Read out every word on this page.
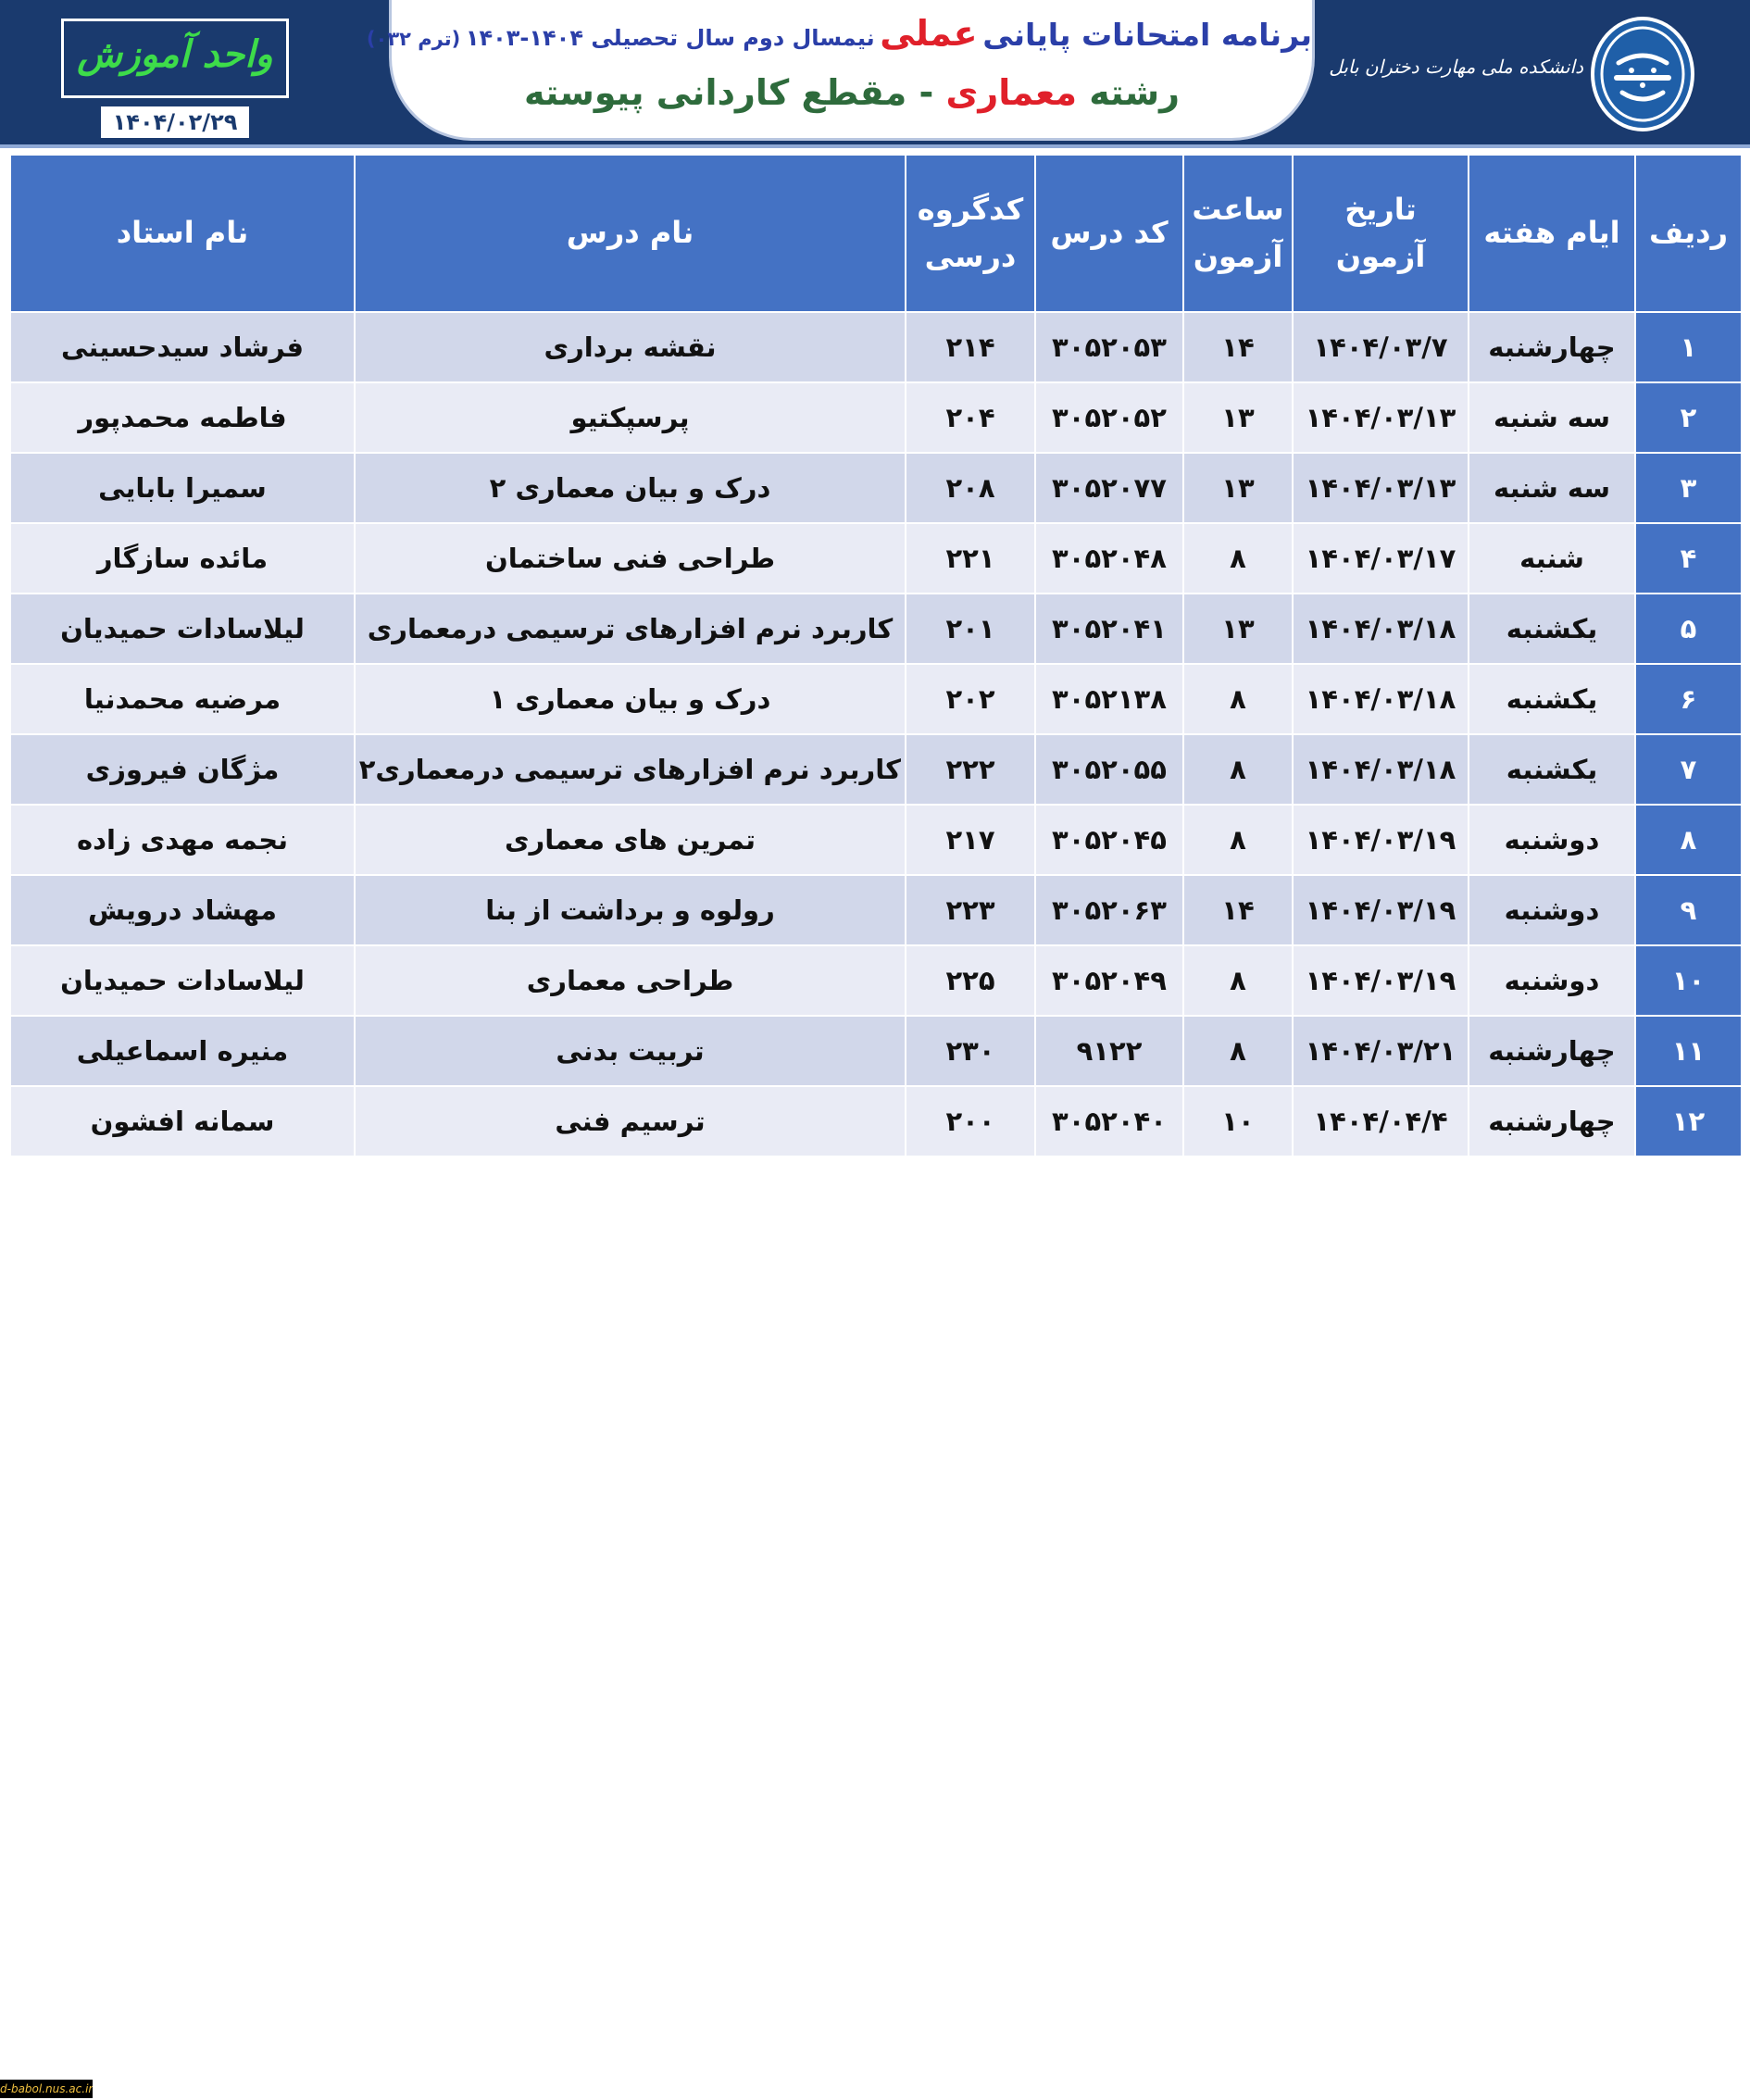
برنامه امتحانات پایانی عملی نیمسال دوم سال تحصیلی ۱۴۰۴-۱۴۰۳ (ترم ۰۳۲)
رشته معماری - مقطع کاردانی پیوسته
دانشکده ملی مهارت دختران بابل
واحد آموزش
۱۴۰۴/۰۲/۲۹
ردیف	ایام هفته	تاریخ آزمون	ساعت آزمون	کد درس	کدگروه درسی	نام درس	نام استاد
۱	چهارشنبه	۱۴۰۴/۰۳/۷	۱۴	۳۰۵۲۰۵۳	۲۱۴	نقشه برداری	فرشاد سیدحسینی
۲	سه شنبه	۱۴۰۴/۰۳/۱۳	۱۳	۳۰۵۲۰۵۲	۲۰۴	پرسپکتیو	فاطمه محمدپور
۳	سه شنبه	۱۴۰۴/۰۳/۱۳	۱۳	۳۰۵۲۰۷۷	۲۰۸	درک و بیان معماری ۲	سمیرا بابایی
۴	شنبه	۱۴۰۴/۰۳/۱۷	۸	۳۰۵۲۰۴۸	۲۲۱	طراحی فنی ساختمان	مائده سازگار
۵	یکشنبه	۱۴۰۴/۰۳/۱۸	۱۳	۳۰۵۲۰۴۱	۲۰۱	کاربرد نرم افزارهای ترسیمی درمعماری	لیلاسادات حمیدیان
۶	یکشنبه	۱۴۰۴/۰۳/۱۸	۸	۳۰۵۲۱۳۸	۲۰۲	درک و بیان معماری ۱	مرضیه محمدنیا
۷	یکشنبه	۱۴۰۴/۰۳/۱۸	۸	۳۰۵۲۰۵۵	۲۲۲	کاربرد نرم افزارهای ترسیمی درمعماری۲	مژگان فیروزی
۸	دوشنبه	۱۴۰۴/۰۳/۱۹	۸	۳۰۵۲۰۴۵	۲۱۷	تمرین های معماری	نجمه مهدی زاده
۹	دوشنبه	۱۴۰۴/۰۳/۱۹	۱۴	۳۰۵۲۰۶۳	۲۲۳	رولوه و برداشت از بنا	مهشاد درویش
۱۰	دوشنبه	۱۴۰۴/۰۳/۱۹	۸	۳۰۵۲۰۴۹	۲۲۵	طراحی معماری	لیلاسادات حمیدیان
۱۱	چهارشنبه	۱۴۰۴/۰۳/۲۱	۸	۹۱۲۲	۲۳۰	تربیت بدنی	منیره اسماعیلی
۱۲	چهارشنبه	۱۴۰۴/۰۴/۴	۱۰	۳۰۵۲۰۴۰	۲۰۰	ترسیم فنی	سمانه افشون
d-babol.nus.ac.ir
